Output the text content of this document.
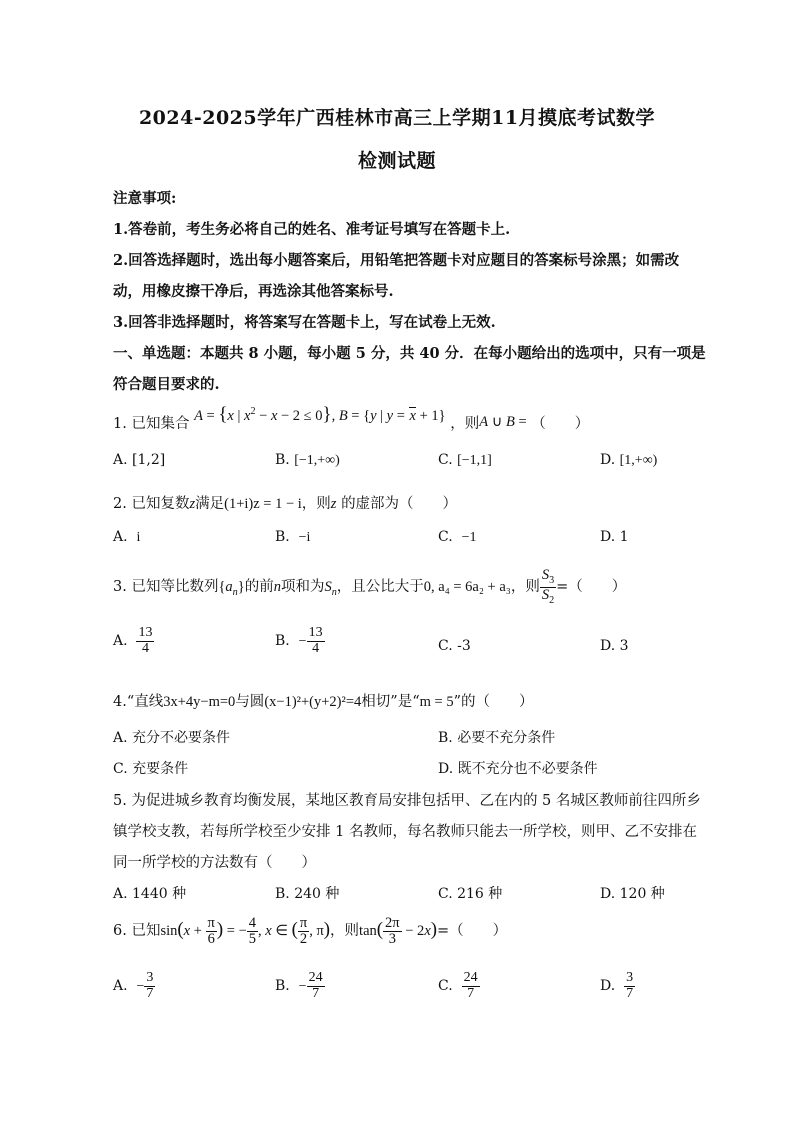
2024-2025学年广西桂林市高三上学期11月摸底考试数学
检测试题
注意事项:
1.答卷前，考生务必将自己的姓名、准考证号填写在答题卡上.
2.回答选择题时，选出每小题答案后，用铅笔把答题卡对应题目的答案标号涂黑；如需改
动，用橡皮擦干净后，再选涂其他答案标号.
3.回答非选择题时，将答案写在答题卡上，写在试卷上无效.
一、单选题：本题共 8 小题，每小题 5 分，共 40 分．在每小题给出的选项中，只有一项是
符合题目要求的.
1. 已知集合 A = {x | $x^2 - x - 2 \le 0$}, B = {y | y = x + 1} ，则A ∪ B = （　　）
A. [1,2]	B. [−1,+∞)	C. [−1,1]	D. [1,+∞)
2. 已知复数z满足(1+i)z = 1 − i，则z 的虚部为（　　）
A. i	B. −i	C. −1	D. 1
3. 已知等比数列$\{a_n\}$的前n项和为$S_n$，且公比大于0, a₄ = 6a₂ + a₃，则 $\frac{S_3}{S_2}$ =（　　）
A. $\frac{13}{4}$	B. − $\frac{13}{4}$	C. -3	D. 3
4.“直线3x+4y−m=0与圆(x−1)²+(y+2)²=4相切”是“m = 5”的（　　）
A. 充分不必要条件	B. 必要不充分条件
C. 充要条件	D. 既不充分也不必要条件
5. 为促进城乡教育均衡发展，某地区教育局安排包括甲、乙在内的 5 名城区教师前往四所乡
镇学校支教，若每所学校至少安排 1 名教师，每名教师只能去一所学校，则甲、乙不安排在
同一所学校的方法数有（　　）
A. 1440 种	B. 240 种	C. 216 种	D. 120 种
6. 已知$\sin(x + \frac{\pi}{6}$ ) = − $\frac{4}{5}$ , x ∈ ( $\frac{\pi}{2}$ , π)，则$\tan( \frac{2\pi}{3} - 2x)=$（　　）
A. − $\frac{3}{7}$	B. − $\frac{24}{7}$	C. $\frac{24}{7}$	D. $\frac{3}{7}$
